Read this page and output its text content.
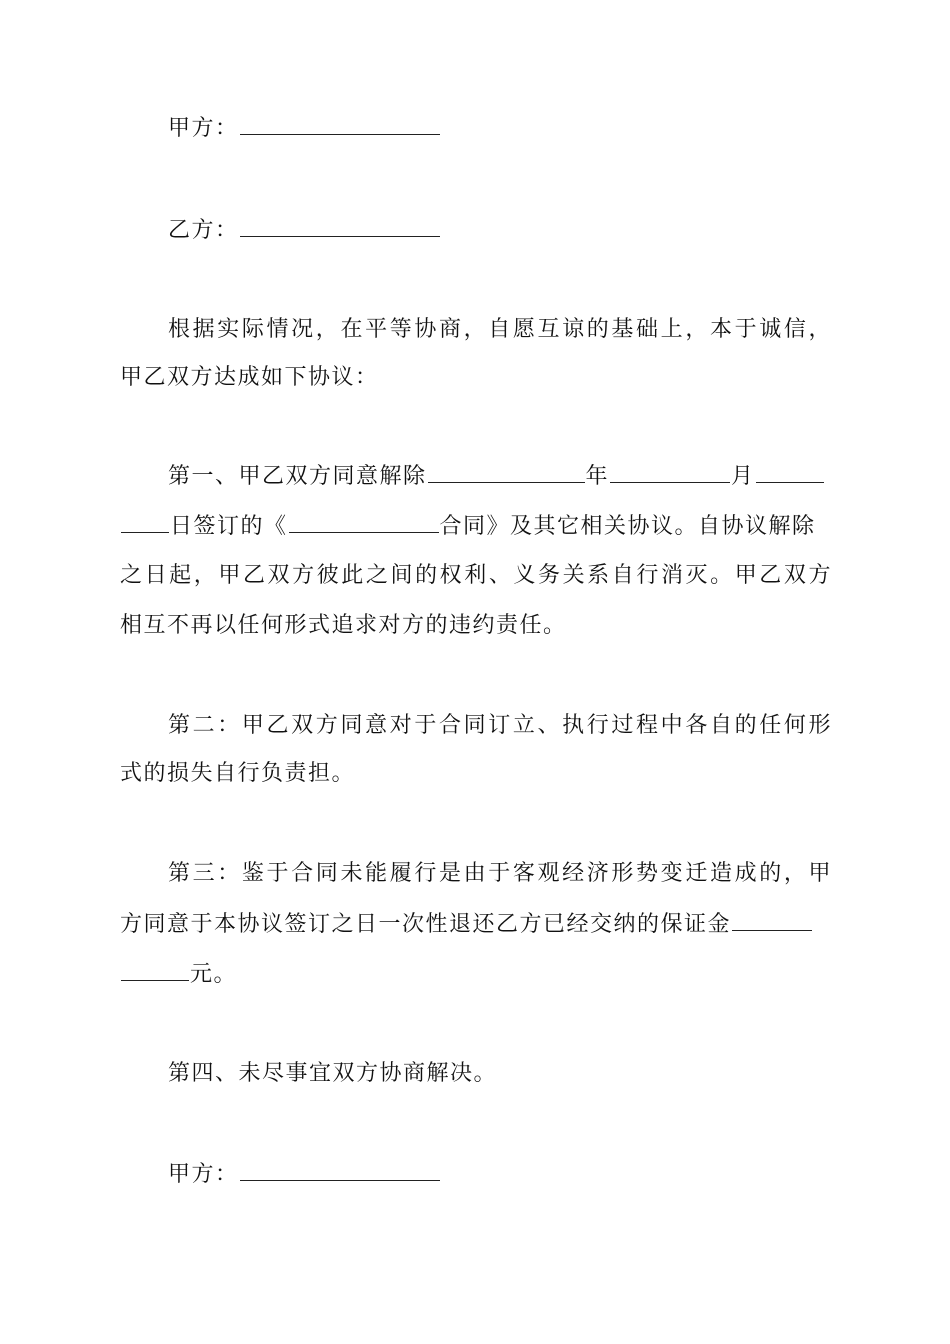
甲方：
乙方：
根据实际情况，在平等协商，自愿互谅的基础上，本于诚信，
甲乙双方达成如下协议：
第一、甲乙双方同意解除	年	月
日签订的《	合同》及其它相关协议。自协议解除
之日起，甲乙双方彼此之间的权利、义务关系自行消灭。甲乙双方
相互不再以任何形式追求对方的违约责任。
第二：甲乙双方同意对于合同订立、执行过程中各自的任何形
式的损失自行负责担。
第三：鉴于合同未能履行是由于客观经济形势变迁造成的，甲
方同意于本协议签订之日一次性退还乙方已经交纳的保证金
元。
第四、未尽事宜双方协商解决。
甲方：
